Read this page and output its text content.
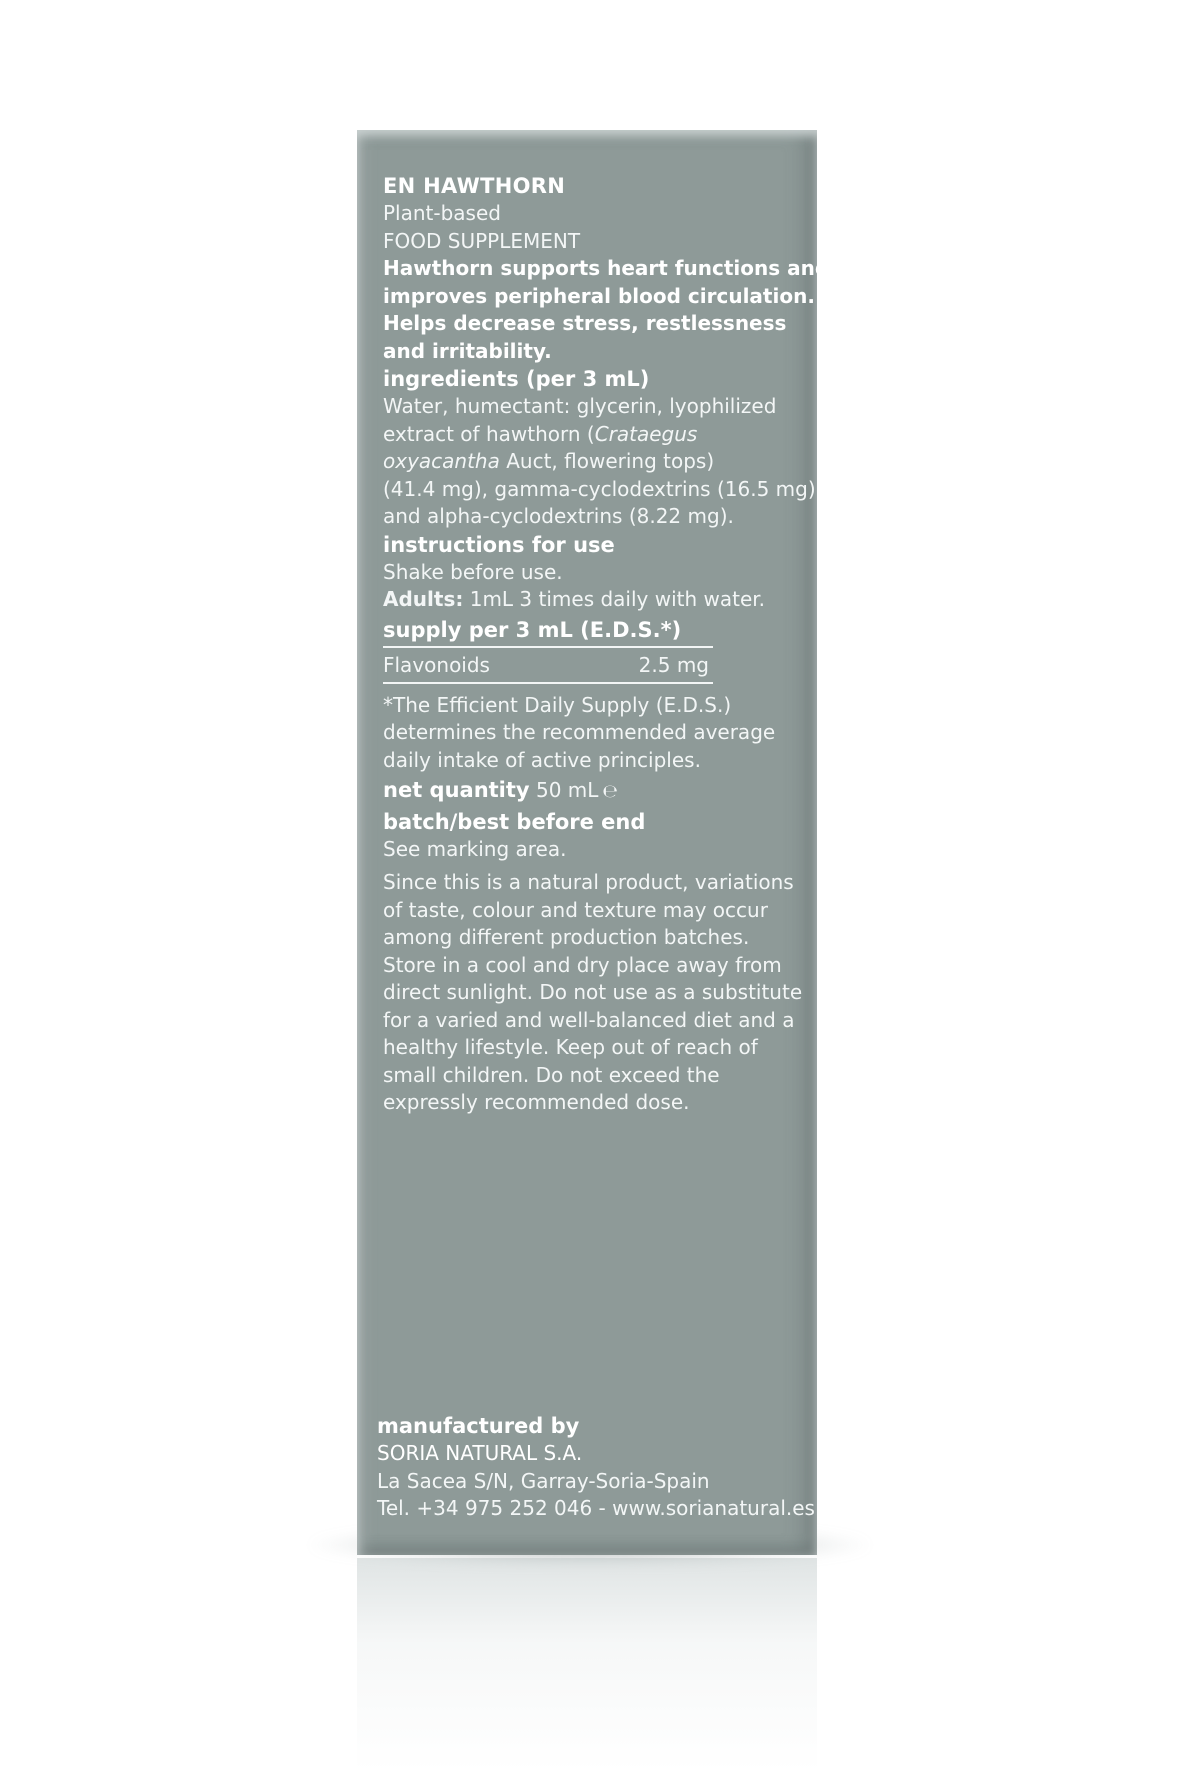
EN HAWTHORN
Plant-based
FOOD SUPPLEMENT
Hawthorn supports heart functions and
improves peripheral blood circulation.
Helps decrease stress, restlessness
and irritability.
ingredients (per 3 mL)
Water, humectant: glycerin, lyophilized
extract of hawthorn (Crataegus
oxyacantha Auct, flowering tops)
(41.4 mg), gamma-cyclodextrins (16.5 mg)
and alpha-cyclodextrins (8.22 mg).
instructions for use
Shake before use.
Adults: 1mL 3 times daily with water.
supply per 3 mL (E.D.S.*)
Flavonoids	2.5 mg
*The Efficient Daily Supply (E.D.S.)
determines the recommended average
daily intake of active principles.
net quantity 50 mL ℮
batch/best before end
See marking area.
Since this is a natural product, variations
of taste, colour and texture may occur
among different production batches.
Store in a cool and dry place away from
direct sunlight. Do not use as a substitute
for a varied and well-balanced diet and a
healthy lifestyle. Keep out of reach of
small children. Do not exceed the
expressly recommended dose.
manufactured by
SORIA NATURAL S.A.
La Sacea S/N, Garray-Soria-Spain
Tel. +34 975 252 046 - www.sorianatural.es
